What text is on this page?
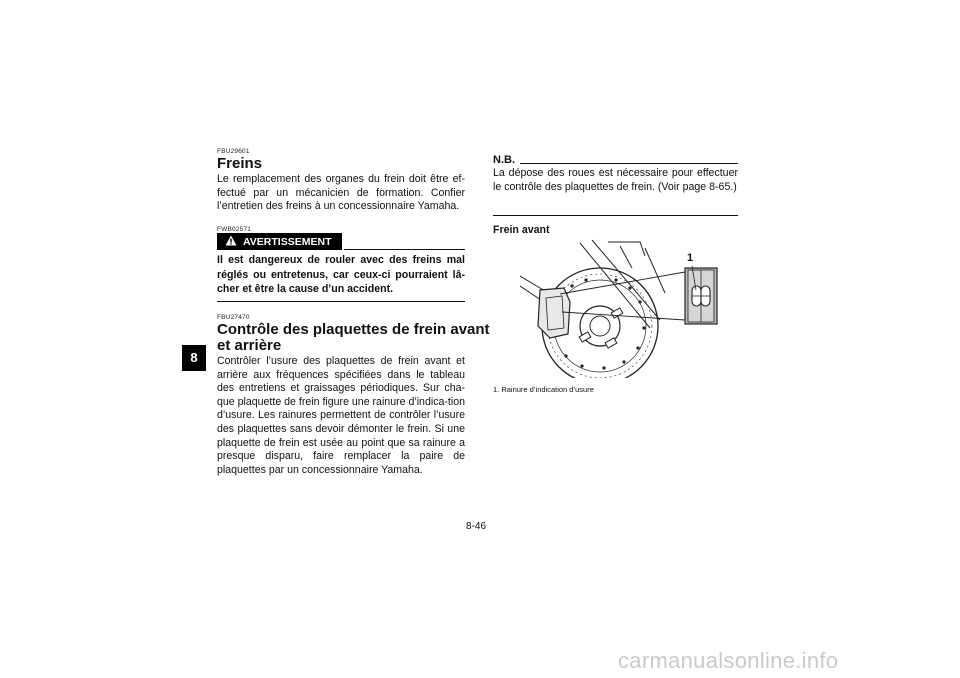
8
FBU29601
Freins
Le remplacement des organes du frein doit être ef-fectué par un mécanicien de formation. Confier l’entretien des freins à un concessionnaire Yamaha.
FWB02571
AVERTISSEMENT
Il est dangereux de rouler avec des freins mal réglés ou entretenus, car ceux-ci pourraient lâ-cher et être la cause d’un accident.
FBU27470
Contrôle des plaquettes de frein avant
et arrière
Contrôler l’usure des plaquettes de frein avant et arrière aux fréquences spécifiées dans le tableau des entretiens et graissages périodiques. Sur cha-que plaquette de frein figure une rainure d’indica-tion d’usure. Les rainures permettent de contrôler l’usure des plaquettes sans devoir démonter le frein. Si une plaquette de frein est usée au point que sa rainure a presque disparu, faire remplacer la paire de plaquettes par un concessionnaire Yamaha.
N.B.
La dépose des roues est nécessaire pour effectuer le contrôle des plaquettes de frein. (Voir page 8-65.)
Frein avant
1
1. Rainure d’indication d’usure
8-46
carmanualsonline.info
